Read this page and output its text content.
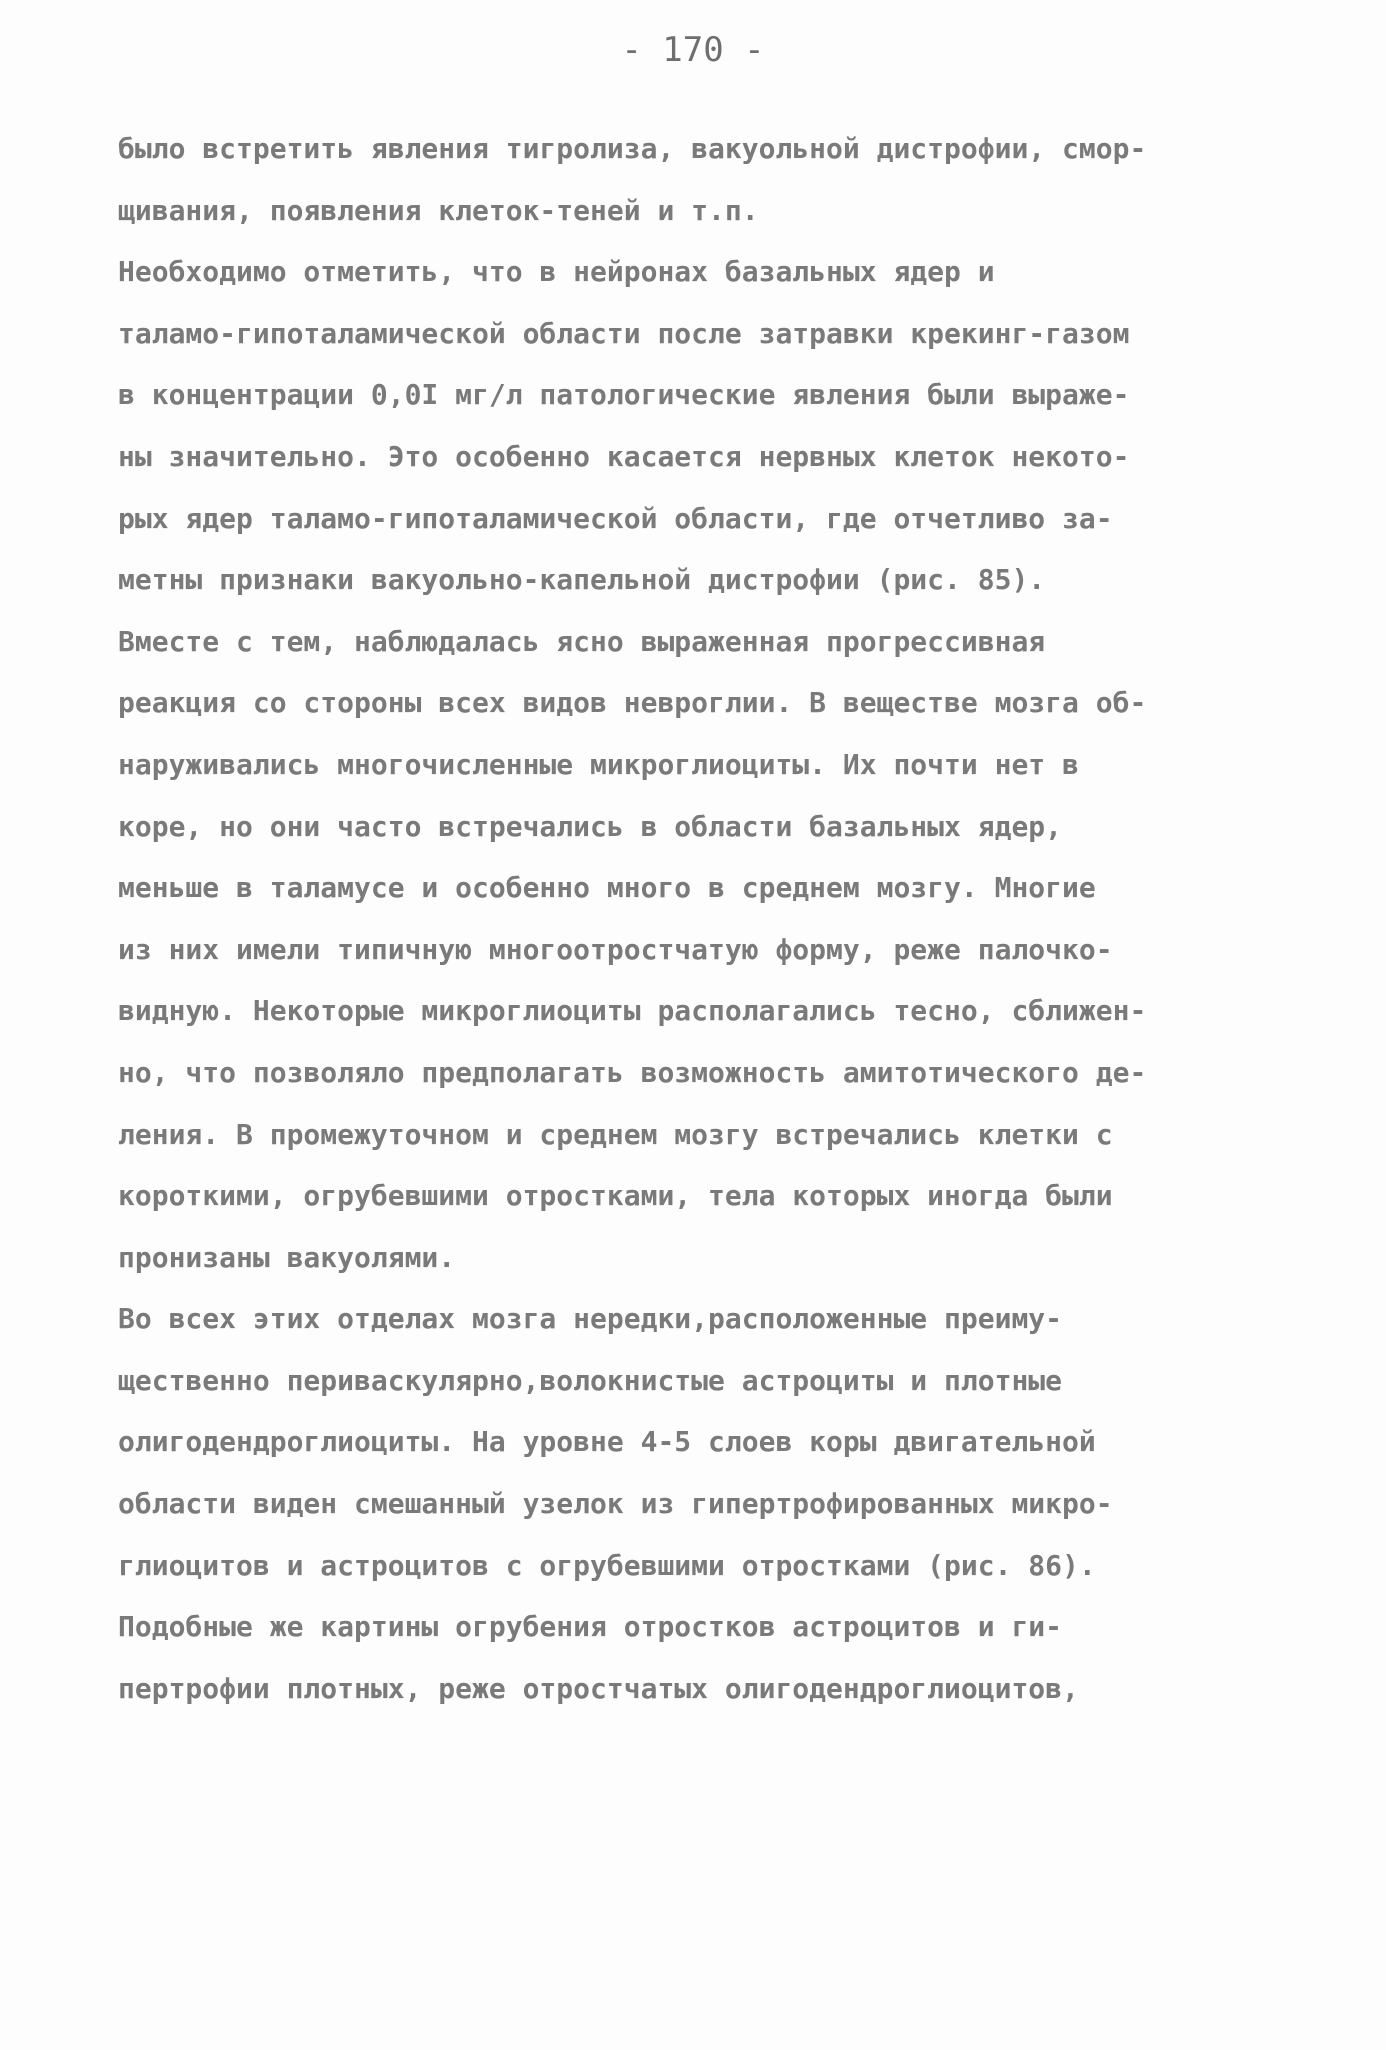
- 170 -
было встретить явления тигролиза, вакуольной дистрофии, смор-
щивания, появления клеток-теней и т.п.
Необходимо отметить, что в нейронах базальных ядер и
таламо-гипоталамической области после затравки крекинг-газом
в концентрации 0,0I мг/л патологические явления были выраже-
ны значительно. Это особенно касается нервных клеток некото-
рых ядер таламо-гипоталамической области, где отчетливо за-
метны признаки вакуольно-капельной дистрофии (рис. 85).
Вместе с тем, наблюдалась ясно выраженная прогрессивная
реакция со стороны всех видов невроглии. В веществе мозга об-
наруживались многочисленные микроглиоциты. Их почти нет в
коре, но они часто встречались в области базальных ядер,
меньше в таламусе и особенно много в среднем мозгу. Многие
из них имели типичную многоотростчатую форму, реже палочко-
видную. Некоторые микроглиоциты располагались тесно, сближен-
но, что позволяло предполагать возможность амитотического де-
ления. В промежуточном и среднем мозгу встречались клетки с
короткими, огрубевшими отростками, тела которых иногда были
пронизаны вакуолями.
Во всех этих отделах мозга нередки,расположенные преиму-
щественно периваскулярно,волокнистые астроциты и плотные
олигодендроглиоциты. На уровне 4-5 слоев коры двигательной
области виден смешанный узелок из гипертрофированных микро-
глиоцитов и астроцитов с огрубевшими отростками (рис. 86).
Подобные же картины огрубения отростков астроцитов и ги-
пертрофии плотных, реже отростчатых олигодендроглиоцитов,
